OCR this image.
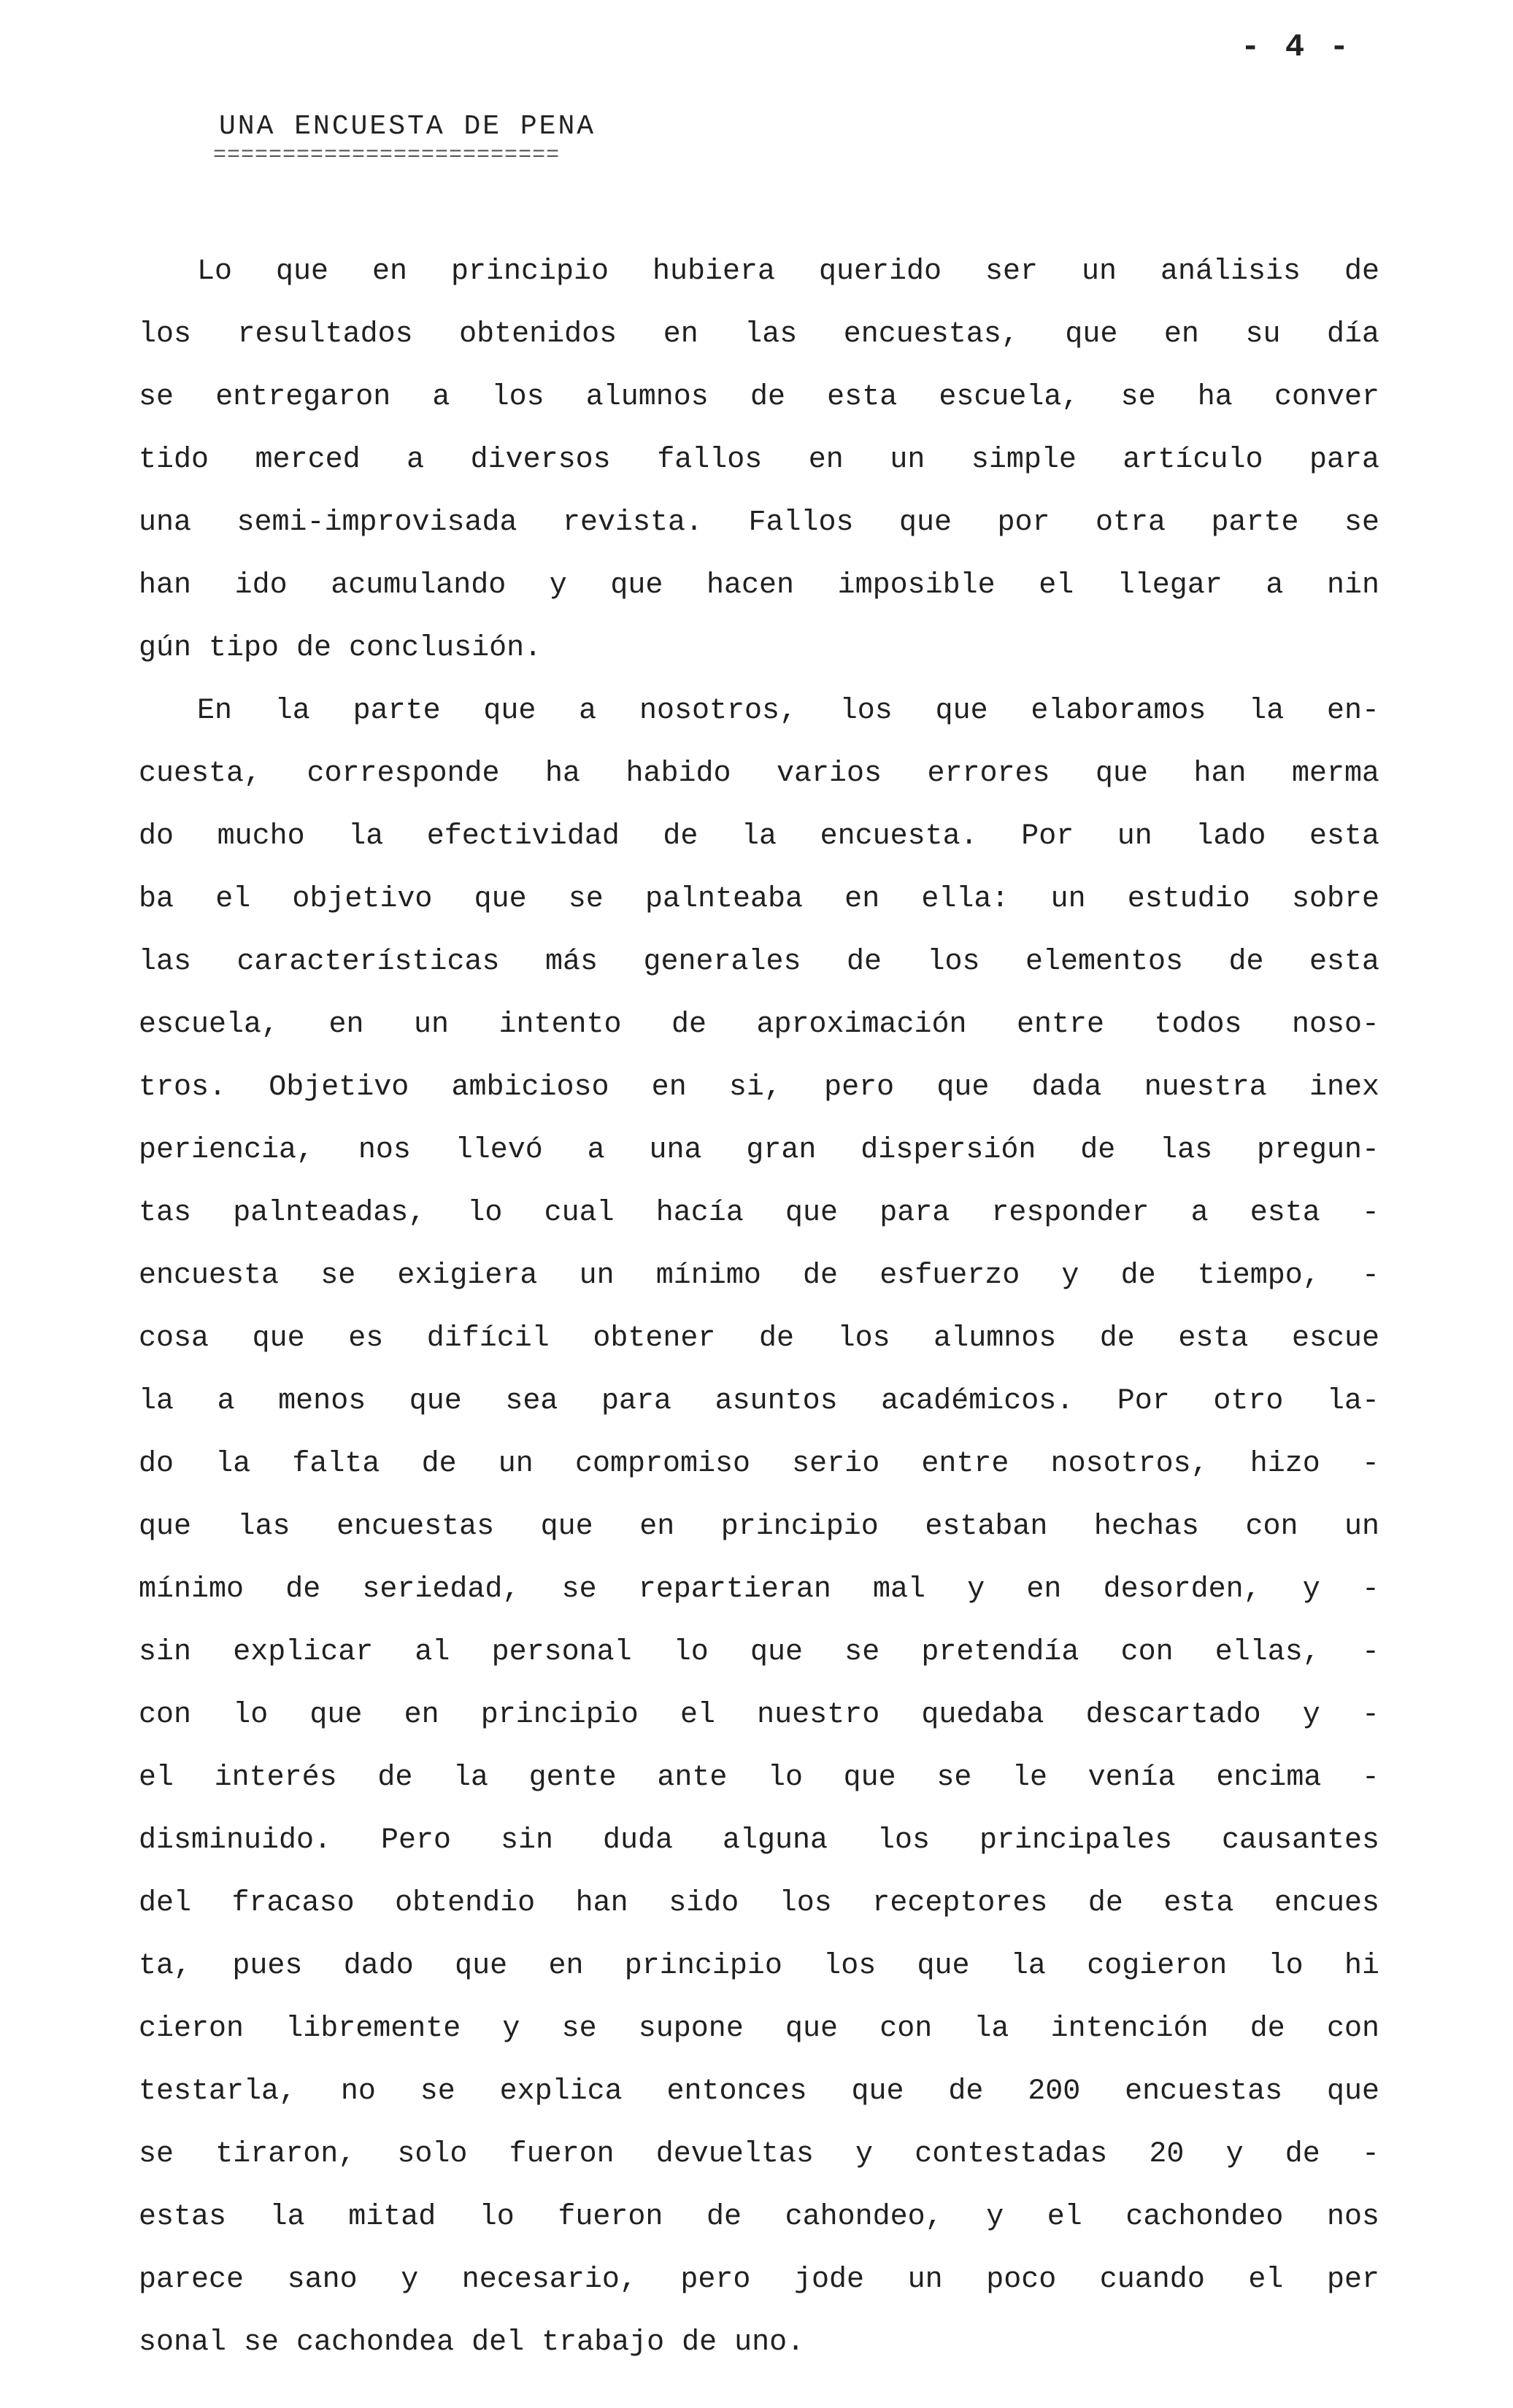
- 4 -
UNA ENCUESTA DE PENA
=========================
Lo que en principio hubiera querido ser un análisis de
los resultados obtenidos en las encuestas, que en su día
se entregaron a los alumnos de esta escuela, se ha conver
tido merced a diversos fallos en un simple artículo para
una semi-improvisada revista. Fallos que por otra parte se
han ido acumulando y que hacen imposible el llegar a nin
gún tipo de conclusión.
En la parte que a nosotros, los que elaboramos la en-
cuesta, corresponde ha habido varios errores que han merma
do mucho la efectividad de la encuesta. Por un lado esta
ba el objetivo que se palnteaba en ella: un estudio sobre
las características más generales de los elementos de esta
escuela, en un intento de aproximación entre todos noso-
tros. Objetivo ambicioso en si, pero que dada nuestra inex
periencia, nos llevó a una gran dispersión de las pregun-
tas palnteadas, lo cual hacía que para responder a esta -
encuesta se exigiera un mínimo de esfuerzo y de tiempo, -
cosa que es difícil obtener de los alumnos de esta escue
la a menos que sea para asuntos académicos. Por otro la-
do la falta de un compromiso serio entre nosotros, hizo -
que las encuestas que en principio estaban hechas con un
mínimo de seriedad, se repartieran mal y en desorden, y -
sin explicar al personal lo que se pretendía con ellas, -
con lo que en principio el nuestro quedaba descartado y -
el interés de la gente ante lo que se le venía encima -
disminuido. Pero sin duda alguna los principales causantes
del fracaso obtendio han sido los receptores de esta encues
ta, pues dado que en principio los que la cogieron lo hi
cieron libremente y se supone que con la intención de con
testarla, no se explica entonces que de 200 encuestas que
se tiraron, solo fueron devueltas y contestadas 20 y de -
estas la mitad lo fueron de cahondeo, y el cachondeo nos
parece sano y necesario, pero jode un poco cuando el per
sonal se cachondea del trabajo de uno.
